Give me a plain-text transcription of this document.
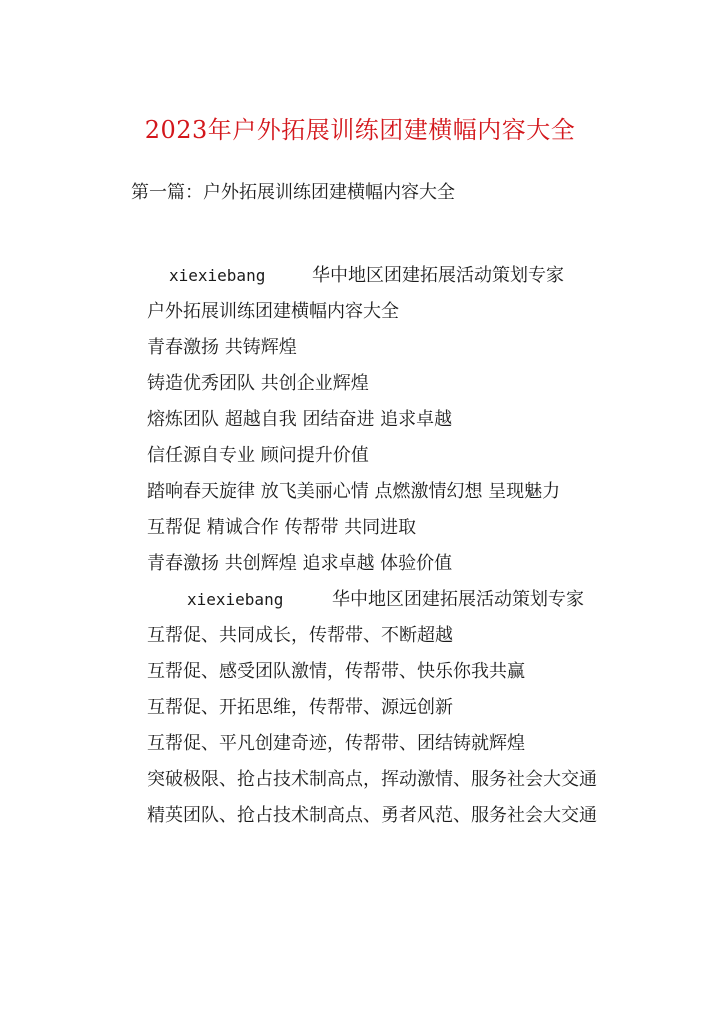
2023年户外拓展训练团建横幅内容大全
第一篇：户外拓展训练团建横幅内容大全
xiexiebang	华中地区团建拓展活动策划专家
户外拓展训练团建横幅内容大全
青春激扬 共铸辉煌
铸造优秀团队 共创企业辉煌
熔炼团队 超越自我 团结奋进 追求卓越
信任源自专业 顾问提升价值
踏响春天旋律 放飞美丽心情 点燃激情幻想 呈现魅力
互帮促 精诚合作 传帮带 共同进取
青春激扬 共创辉煌 追求卓越 体验价值
xiexiebang	华中地区团建拓展活动策划专家
互帮促、共同成长，传帮带、不断超越
互帮促、感受团队激情，传帮带、快乐你我共赢
互帮促、开拓思维，传帮带、源远创新
互帮促、平凡创建奇迹，传帮带、团结铸就辉煌
突破极限、抢占技术制高点，挥动激情、服务社会大交通
精英团队、抢占技术制高点、勇者风范、服务社会大交通
